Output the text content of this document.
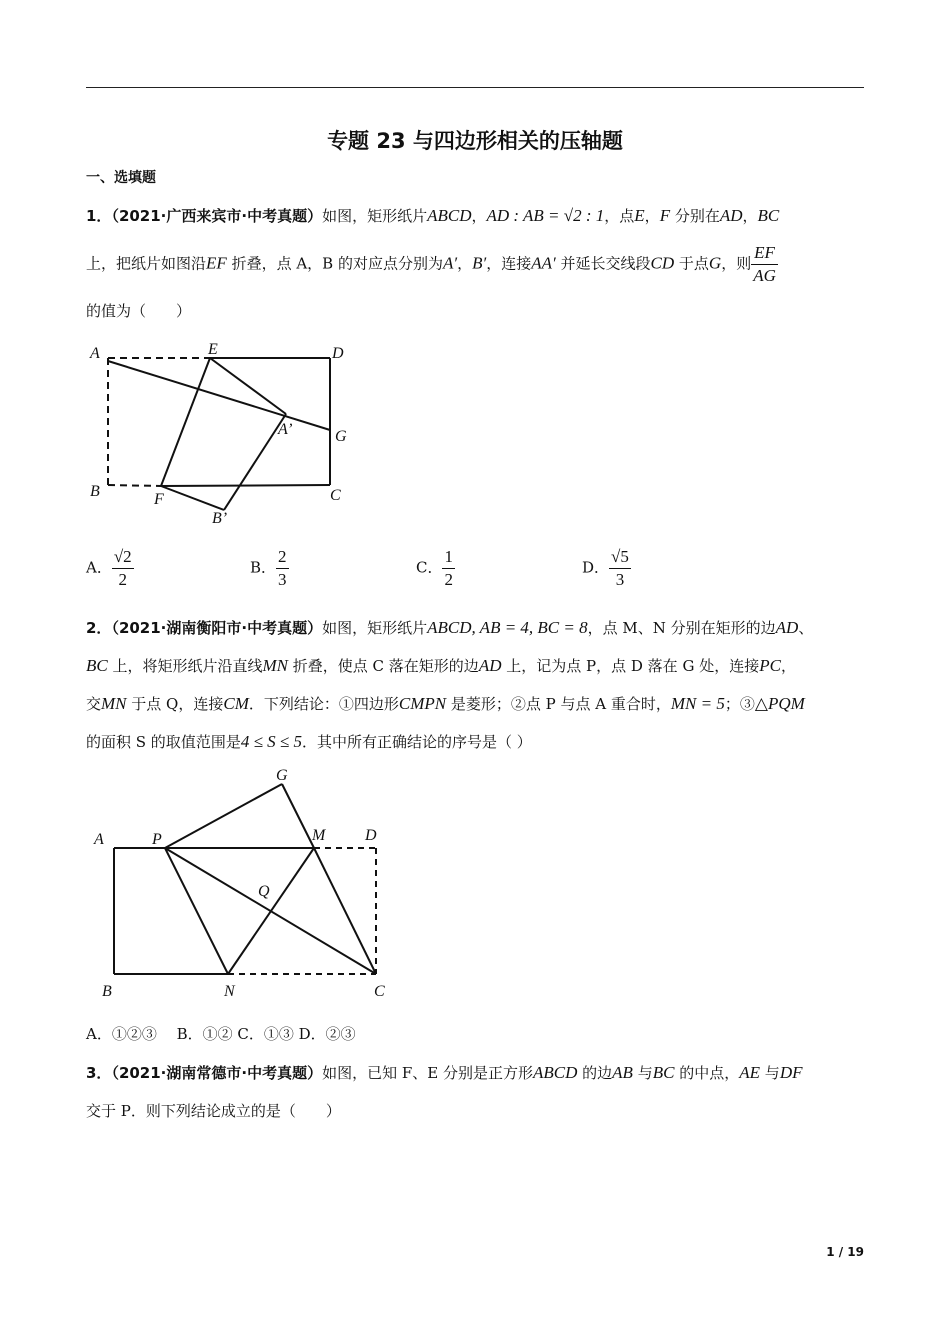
专题 23 与四边形相关的压轴题
一、选填题
1．（2021·广西来宾市·中考真题）如图，矩形纸片ABCD，AD : AB = √2 : 1，点E，F 分别在AD，BC
上，把纸片如图沿EF 折叠，点 A，B 的对应点分别为A′，B′，连接AA′ 并延长交线段CD 于点G，则 $\frac{EF}{AG}$
的值为（　　）
A	E	D
A’	G
B	F	C
B’
A． $\frac{√2}{2}$	B． $\frac{2}{3}$	C． $\frac{1}{2}$	D． $\frac{√5}{3}$
2．（2021·湖南衡阳市·中考真题）如图，矩形纸片ABCD, AB = 4, BC = 8，点 M、N 分别在矩形的边AD、
BC 上，将矩形纸片沿直线MN 折叠，使点 C 落在矩形的边AD 上，记为点 P，点 D 落在 G 处，连接PC，
交MN 于点 Q，连接CM．下列结论：①四边形CMPN 是菱形；②点 P 与点 A 重合时，MN = 5；③△PQM
的面积 S 的取值范围是4 ≤ S ≤ 5．其中所有正确结论的序号是（ ）
A
G
P	M D
Q
B	N	C
A．①②③　 B．①② C．①③ D．②③
3．（2021·湖南常德市·中考真题）如图，已知 F、E 分别是正方形ABCD 的边AB 与BC 的中点，AE 与DF
交于 P．则下列结论成立的是（　　）
1 / 19
